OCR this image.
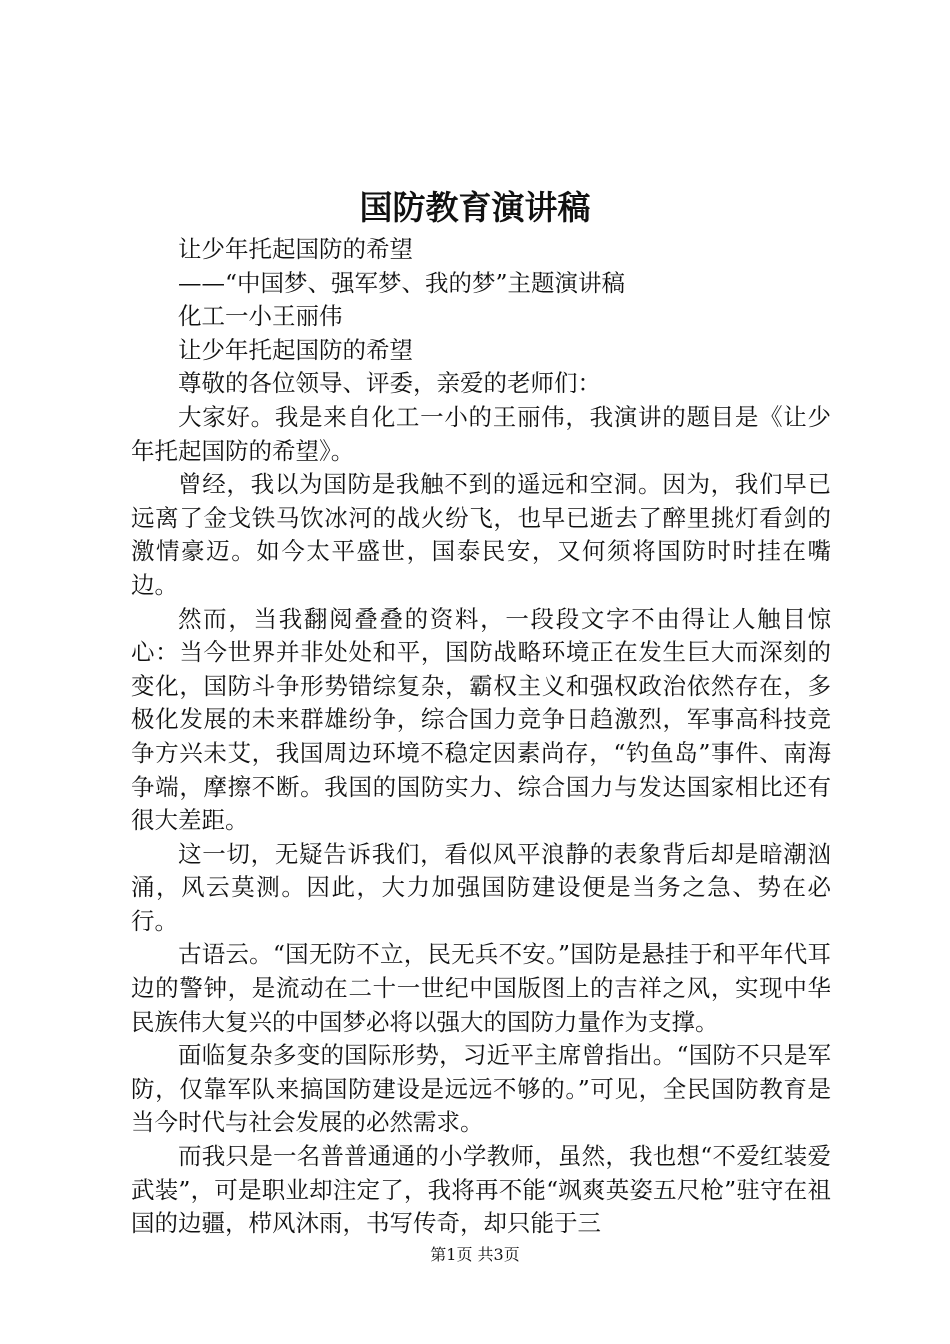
国防教育演讲稿

让少年托起国防的希望

——“中国梦、强军梦、我的梦”主题演讲稿

化工一小王丽伟

让少年托起国防的希望

尊敬的各位领导、评委，亲爱的老师们：

大家好。我是来自化工一小的王丽伟，我演讲的题目是《让少年托起国防的希望》。

曾经，我以为国防是我触不到的遥远和空洞。因为，我们早已远离了金戈铁马饮冰河的战火纷飞，也早已逝去了醉里挑灯看剑的激情豪迈。如今太平盛世，国泰民安，又何须将国防时时挂在嘴边。

然而，当我翻阅叠叠的资料，一段段文字不由得让人触目惊心：当今世界并非处处和平，国防战略环境正在发生巨大而深刻的变化，国防斗争形势错综复杂，霸权主义和强权政治依然存在，多极化发展的未来群雄纷争，综合国力竞争日趋激烈，军事高科技竞争方兴未艾，我国周边环境不稳定因素尚存，“钓鱼岛”事件、南海争端，摩擦不断。我国的国防实力、综合国力与发达国家相比还有很大差距。

这一切，无疑告诉我们，看似风平浪静的表象背后却是暗潮汹涌，风云莫测。因此，大力加强国防建设便是当务之急、势在必行。

古语云。“国无防不立，民无兵不安。”国防是悬挂于和平年代耳边的警钟，是流动在二十一世纪中国版图上的吉祥之风，实现中华民族伟大复兴的中国梦必将以强大的国防力量作为支撑。

面临复杂多变的国际形势，习近平主席曾指出。“国防不只是军防，仅靠军队来搞国防建设是远远不够的。”可见，全民国防教育是当今时代与社会发展的必然需求。

而我只是一名普普通通的小学教师，虽然，我也想“不爱红装爱武装”，可是职业却注定了，我将再不能“飒爽英姿五尺枪”驻守在祖国的边疆，栉风沐雨，书写传奇，却只能于三

第1页 共3页
